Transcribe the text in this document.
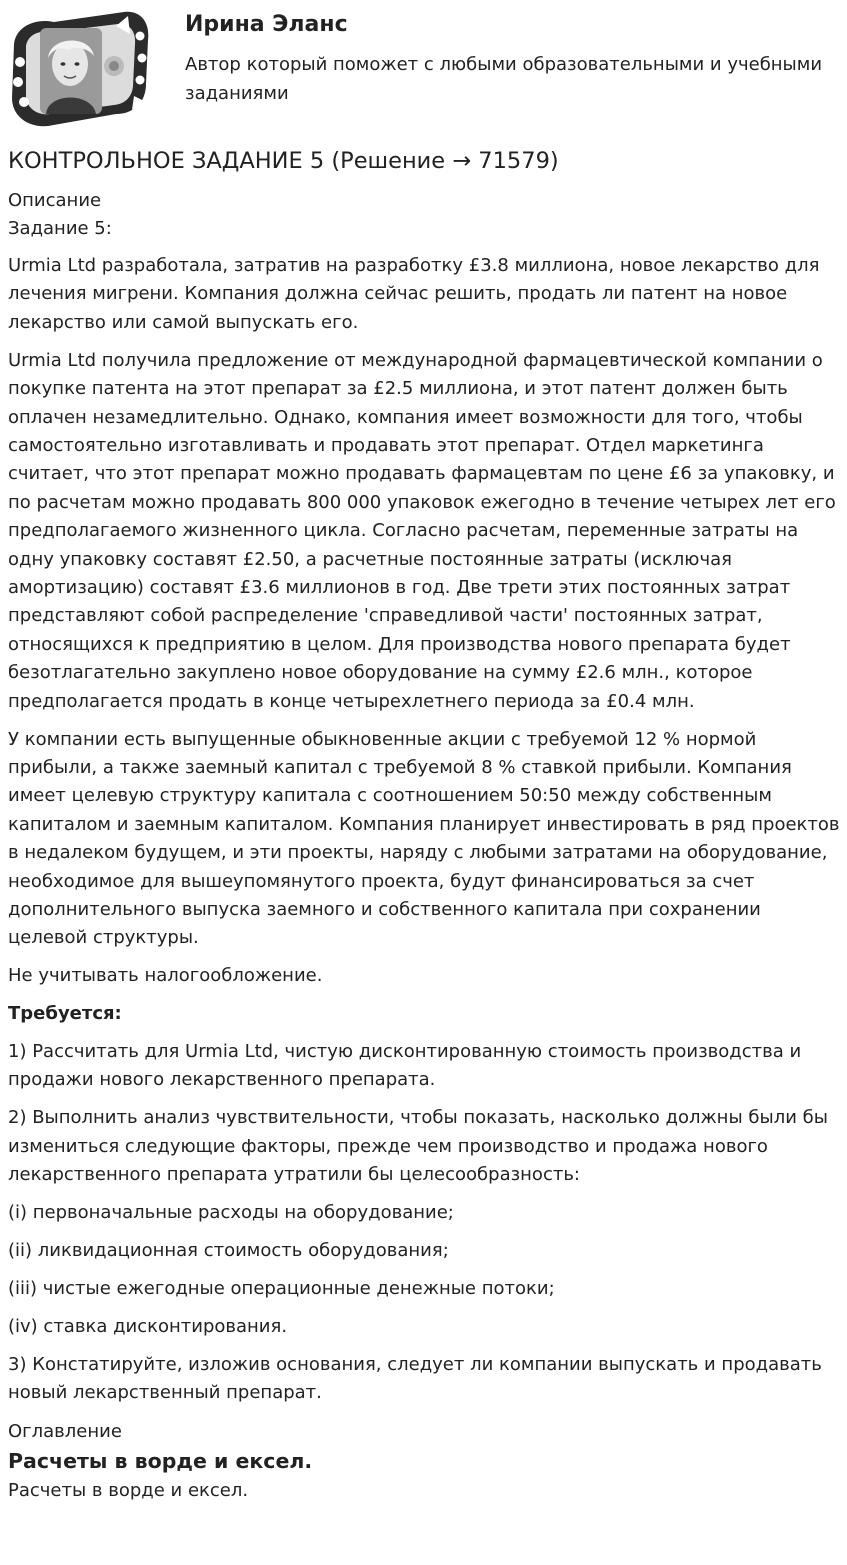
Ирина Эланс
Автор который поможет с любыми образовательными и учебными заданиями
КОНТРОЛЬНОЕ ЗАДАНИЕ 5 (Решение → 71579)
Описание
Задание 5:

Urmia Ltd разработала, затратив на разработку £3.8 миллиона, новое лекарство для лечения мигрени. Компания должна сейчас решить, продать ли патент на новое лекарство или самой выпускать его.

Urmia Ltd получила предложение от международной фармацевтической компании о покупке патента на этот препарат за £2.5 миллиона, и этот патент должен быть оплачен незамедлительно. Однако, компания имеет возможности для того, чтобы самостоятельно изготавливать и продавать этот препарат. Отдел маркетинга считает, что этот препарат можно продавать фармацевтам по цене £6 за упаковку, и по расчетам можно продавать 800 000 упаковок ежегодно в течение четырех лет его предполагаемого жизненного цикла. Согласно расчетам, переменные затраты на одну упаковку составят £2.50, а расчетные постоянные затраты (исключая амортизацию) составят £3.6 миллионов в год. Две трети этих постоянных затрат представляют собой распределение 'справедливой части' постоянных затрат, относящихся к предприятию в целом. Для производства нового препарата будет безотлагательно закуплено новое оборудование на сумму £2.6 млн., которое предполагается продать в конце четырехлетнего периода за £0.4 млн.

У компании есть выпущенные обыкновенные акции с требуемой 12 % нормой прибыли, а также заемный капитал с требуемой 8 % ставкой прибыли. Компания имеет целевую структуру капитала с соотношением 50:50 между собственным капиталом и заемным капиталом. Компания планирует инвестировать в ряд проектов в недалеком будущем, и эти проекты, наряду с любыми затратами на оборудование, необходимое для вышеупомянутого проекта, будут финансироваться за счет дополнительного выпуска заемного и собственного капитала при сохранении целевой структуры.

Не учитывать налогообложение.

Требуется:

1) Рассчитать для Urmia Ltd, чистую дисконтированную стоимость производства и продажи нового лекарственного препарата.

2) Выполнить анализ чувствительности, чтобы показать, насколько должны были бы измениться следующие факторы, прежде чем производство и продажа нового лекарственного препарата утратили бы целесообразность:

(i) первоначальные расходы на оборудование;

(ii) ликвидационная стоимость оборудования;

(iii) чистые ежегодные операционные денежные потоки;

(iv) ставка дисконтирования.

3) Констатируйте, изложив основания, следует ли компании выпускать и продавать новый лекарственный препарат.

Оглавление
Расчеты в ворде и ексел.
Расчеты в ворде и ексел.
